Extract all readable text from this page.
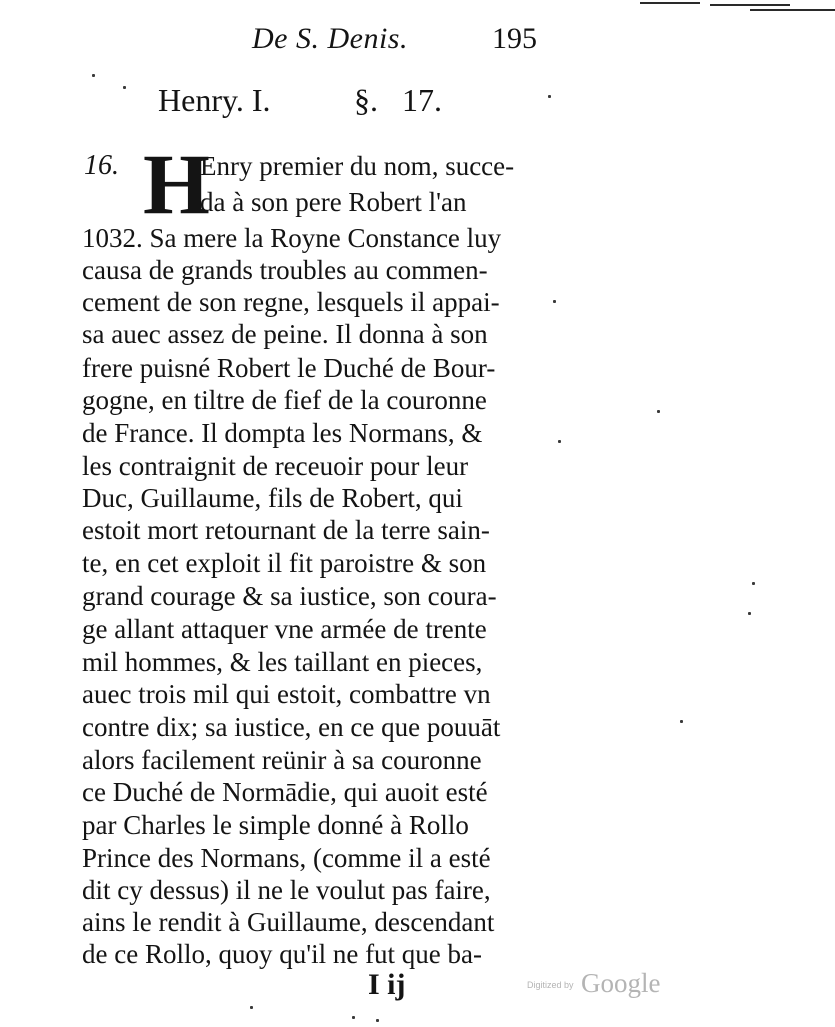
De S. Denis.	195
Henry. I.	§. 17.
16. H
Enry premier du nom, succe-
da à son pere Robert l'an
1032. Sa mere la Royne Constance luy
causa de grands troubles au commen-
cement de son regne, lesquels il appai-
sa auec assez de peine. Il donna à son
frere puisné Robert le Duché de Bour-
gogne, en tiltre de fief de la couronne
de France. Il dompta les Normans, &
les contraignit de receuoir pour leur
Duc, Guillaume, fils de Robert, qui
estoit mort retournant de la terre sain-
te, en cet exploit il fit paroistre & son
grand courage & sa iustice, son coura-
ge allant attaquer vne armée de trente
mil hommes, & les taillant en pieces,
auec trois mil qui estoit, combattre vn
contre dix; sa iustice, en ce que pouuāt
alors facilement reünir à sa couronne
ce Duché de Normādie, qui auoit esté
par Charles le simple donné à Rollo
Prince des Normans, (comme il a esté
dit cy dessus) il ne le voulut pas faire,
ains le rendit à Guillaume, descendant
de ce Rollo, quoy qu'il ne fut que ba-
I ij	Digitized by Google
